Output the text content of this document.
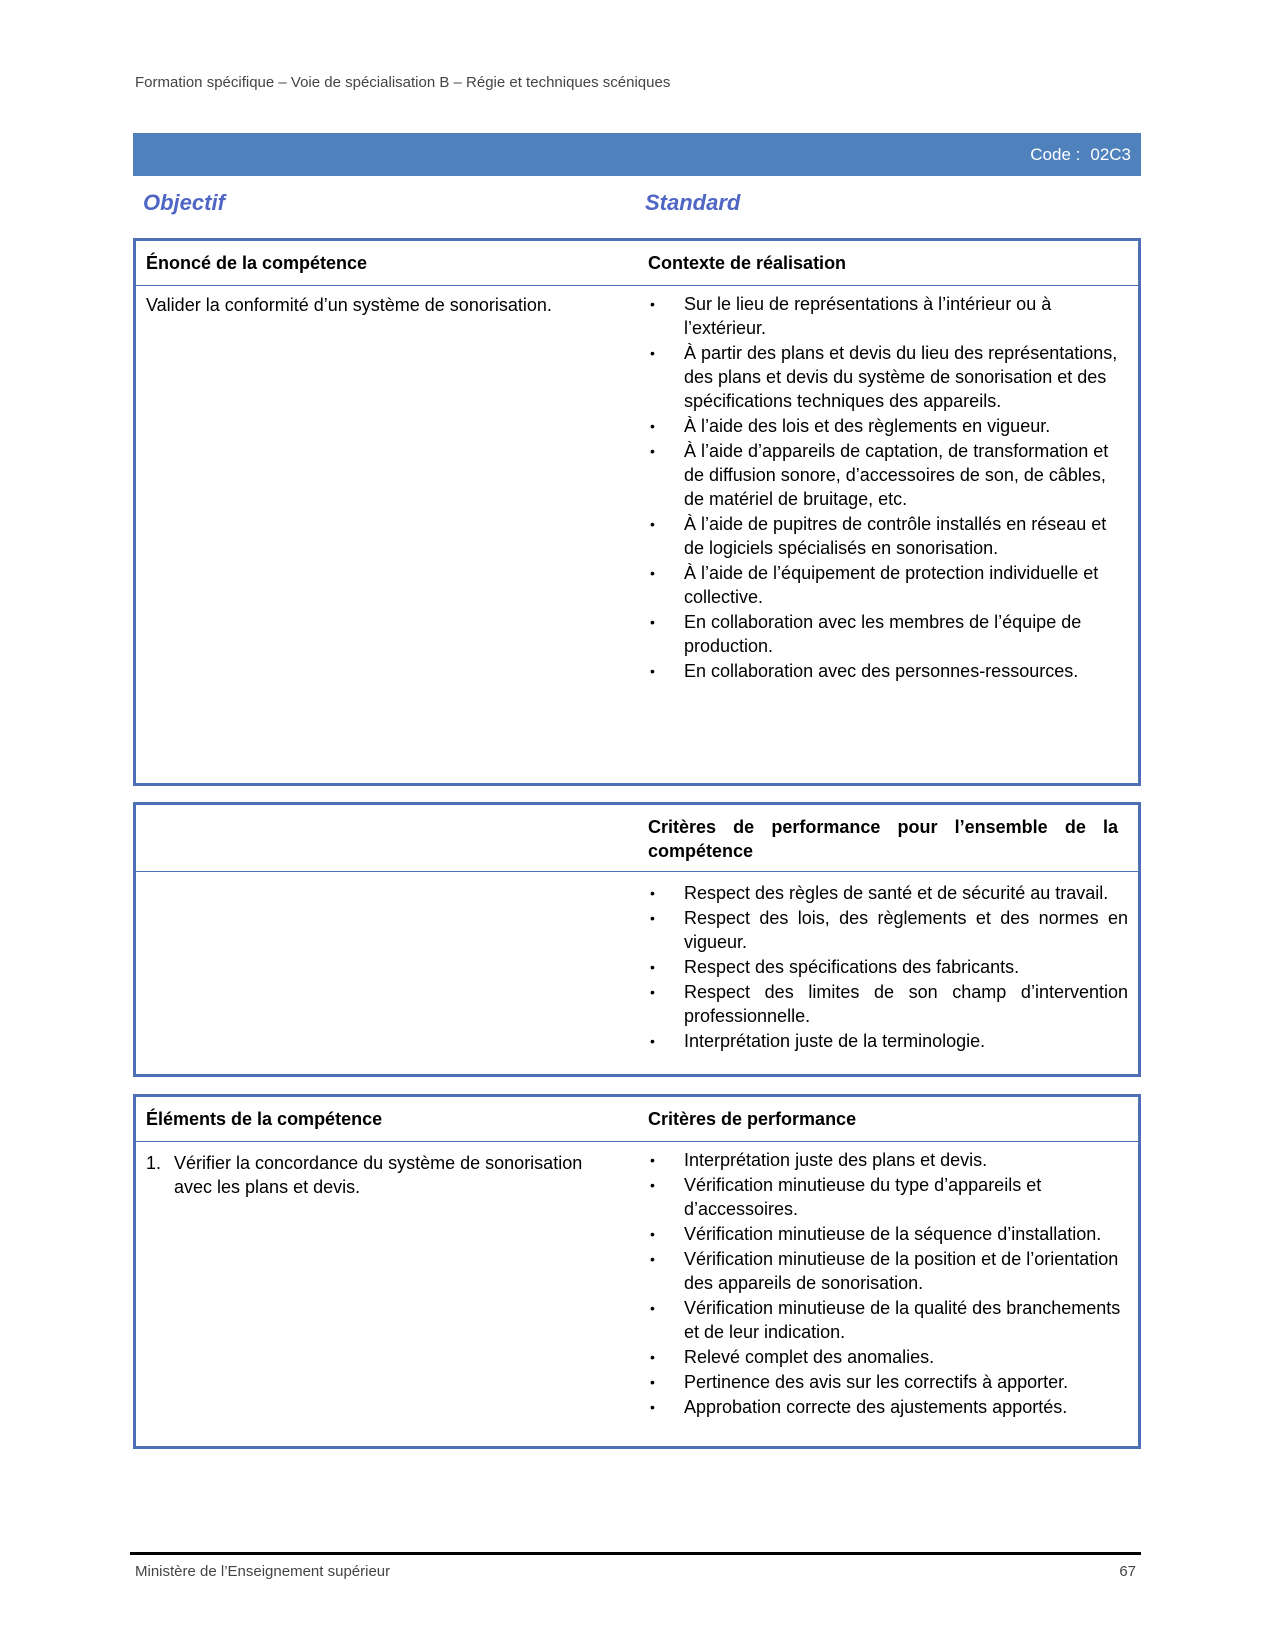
Formation spécifique – Voie de spécialisation B – Régie et techniques scéniques
Code : 02C3
Objectif	Standard
Énoncé de la compétence	Contexte de réalisation
Valider la conformité d’un système de sonorisation.	• Sur le lieu de représentations à l’intérieur ou à l’extérieur.
• À partir des plans et devis du lieu des représentations, des plans et devis du système de sonorisation et des spécifications techniques des appareils.
• À l’aide des lois et des règlements en vigueur.
• À l’aide d’appareils de captation, de transformation et de diffusion sonore, d’accessoires de son, de câbles, de matériel de bruitage, etc.
• À l’aide de pupitres de contrôle installés en réseau et de logiciels spécialisés en sonorisation.
• À l’aide de l’équipement de protection individuelle et collective.
• En collaboration avec les membres de l’équipe de production.
• En collaboration avec des personnes-ressources.
Critères de performance pour l’ensemble de la compétence
• Respect des règles de santé et de sécurité au travail.
• Respect des lois, des règlements et des normes en vigueur.
• Respect des spécifications des fabricants.
• Respect des limites de son champ d’intervention professionnelle.
• Interprétation juste de la terminologie.
Éléments de la compétence	Critères de performance
1. Vérifier la concordance du système de sonorisation avec les plans et devis.
• Interprétation juste des plans et devis.
• Vérification minutieuse du type d’appareils et d’accessoires.
• Vérification minutieuse de la séquence d’installation.
• Vérification minutieuse de la position et de l’orientation des appareils de sonorisation.
• Vérification minutieuse de la qualité des branchements et de leur indication.
• Relevé complet des anomalies.
• Pertinence des avis sur les correctifs à apporter.
• Approbation correcte des ajustements apportés.
Ministère de l’Enseignement supérieur	67
